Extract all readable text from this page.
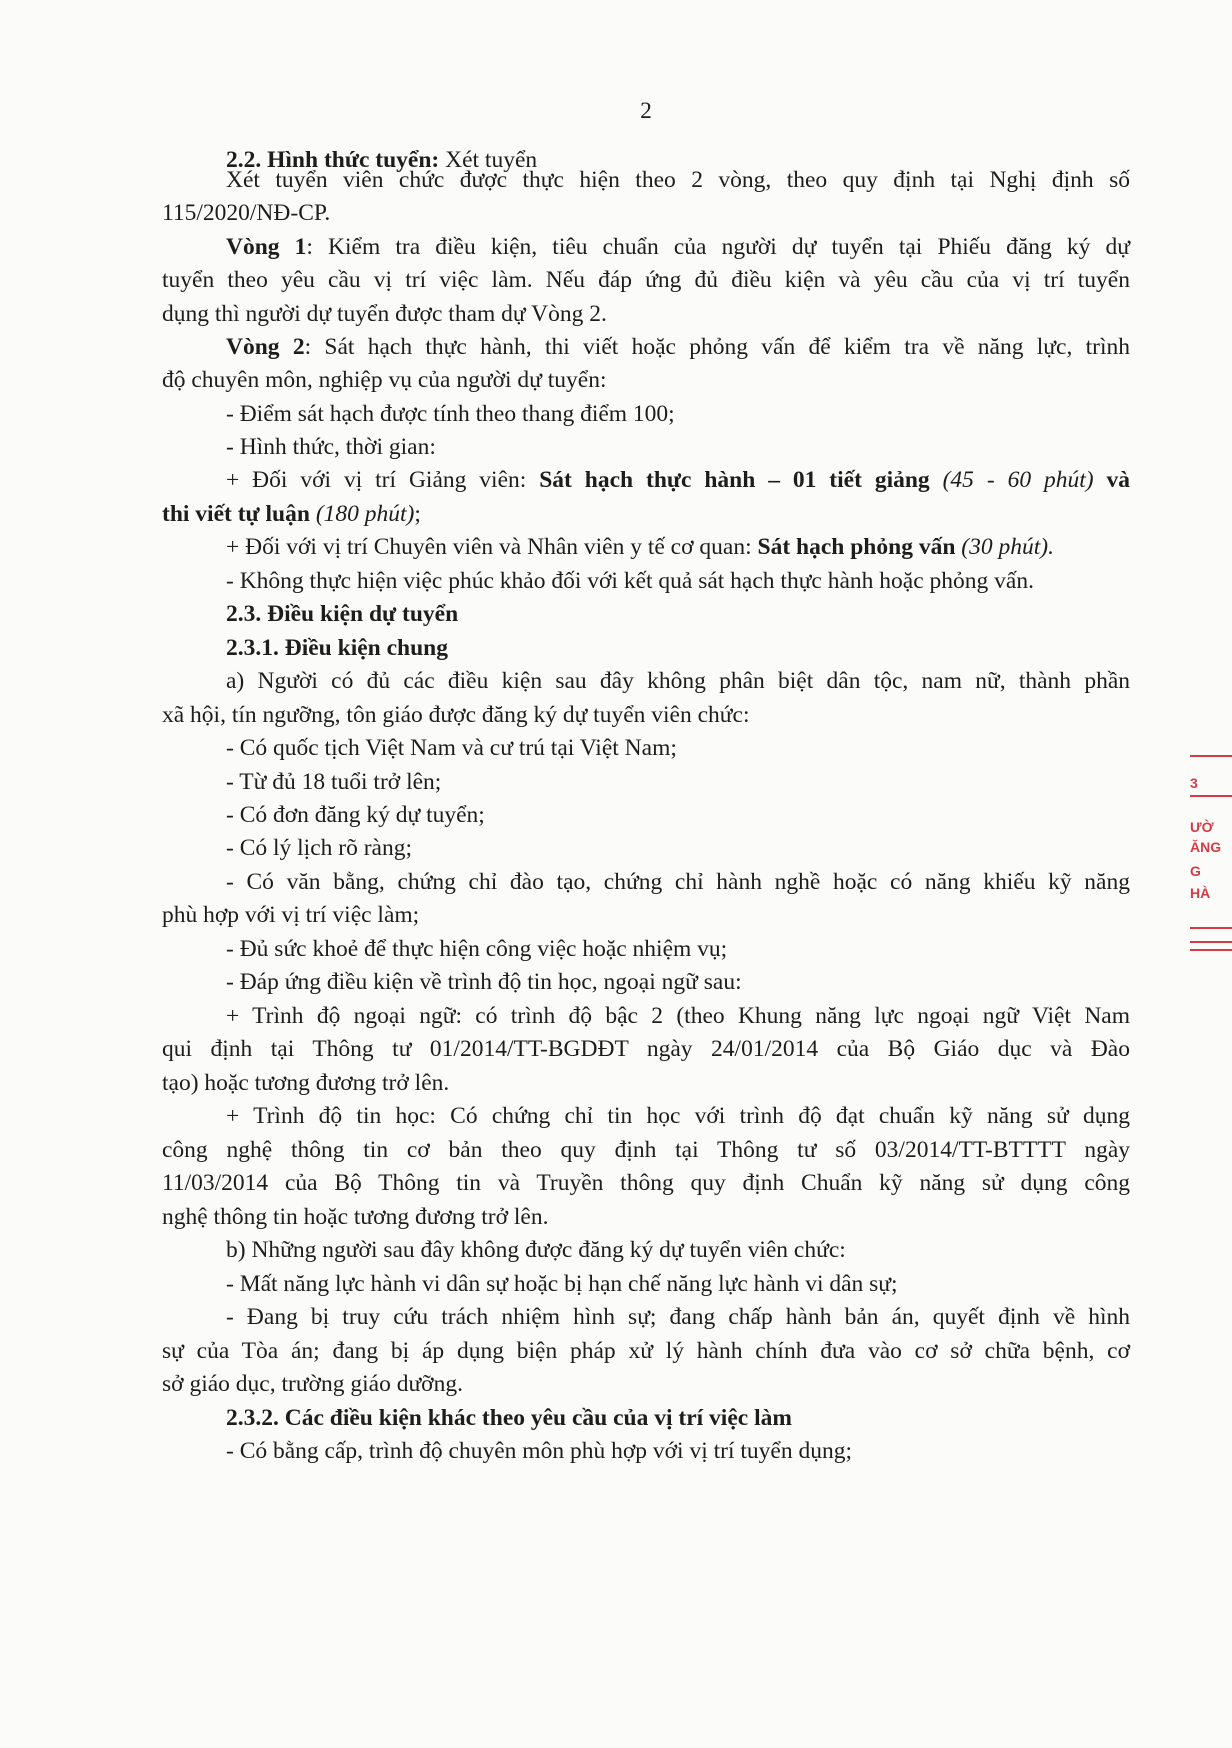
2
2.2. Hình thức tuyển: Xét tuyển
Xét tuyển viên chức được thực hiện theo 2 vòng, theo quy định tại Nghị định số
115/2020/NĐ-CP.
Vòng 1: Kiểm tra điều kiện, tiêu chuẩn của người dự tuyển tại Phiếu đăng ký dự
tuyển theo yêu cầu vị trí việc làm. Nếu đáp ứng đủ điều kiện và yêu cầu của vị trí tuyển
dụng thì người dự tuyển được tham dự Vòng 2.
Vòng 2: Sát hạch thực hành, thi viết hoặc phỏng vấn để kiểm tra về năng lực, trình
độ chuyên môn, nghiệp vụ của người dự tuyển:
- Điểm sát hạch được tính theo thang điểm 100;
- Hình thức, thời gian:
+ Đối với vị trí Giảng viên: Sát hạch thực hành – 01 tiết giảng (45 - 60 phút) và
thi viết tự luận (180 phút);
+ Đối với vị trí Chuyên viên và Nhân viên y tế cơ quan: Sát hạch phỏng vấn (30 phút).
- Không thực hiện việc phúc khảo đối với kết quả sát hạch thực hành hoặc phỏng vấn.
2.3. Điều kiện dự tuyển
2.3.1. Điều kiện chung
a) Người có đủ các điều kiện sau đây không phân biệt dân tộc, nam nữ, thành phần
xã hội, tín ngưỡng, tôn giáo được đăng ký dự tuyển viên chức:
- Có quốc tịch Việt Nam và cư trú tại Việt Nam;
- Từ đủ 18 tuổi trở lên;
- Có đơn đăng ký dự tuyển;
- Có lý lịch rõ ràng;
- Có văn bằng, chứng chỉ đào tạo, chứng chỉ hành nghề hoặc có năng khiếu kỹ năng
phù hợp với vị trí việc làm;
- Đủ sức khoẻ để thực hiện công việc hoặc nhiệm vụ;
- Đáp ứng điều kiện về trình độ tin học, ngoại ngữ sau:
+ Trình độ ngoại ngữ: có trình độ bậc 2 (theo Khung năng lực ngoại ngữ Việt Nam
qui định tại Thông tư 01/2014/TT-BGDĐT ngày 24/01/2014 của Bộ Giáo dục và Đào
tạo) hoặc tương đương trở lên.
+ Trình độ tin học: Có chứng chỉ tin học với trình độ đạt chuẩn kỹ năng sử dụng
công nghệ thông tin cơ bản theo quy định tại Thông tư số 03/2014/TT-BTTTT ngày
11/03/2014 của Bộ Thông tin và Truyền thông quy định Chuẩn kỹ năng sử dụng công
nghệ thông tin hoặc tương đương trở lên.
b) Những người sau đây không được đăng ký dự tuyển viên chức:
- Mất năng lực hành vi dân sự hoặc bị hạn chế năng lực hành vi dân sự;
- Đang bị truy cứu trách nhiệm hình sự; đang chấp hành bản án, quyết định về hình
sự của Tòa án; đang bị áp dụng biện pháp xử lý hành chính đưa vào cơ sở chữa bệnh, cơ
sở giáo dục, trường giáo dưỡng.
2.3.2. Các điều kiện khác theo yêu cầu của vị trí việc làm
- Có bằng cấp, trình độ chuyên môn phù hợp với vị trí tuyển dụng;
3
ƯỜ
ĂNG
G
HÀ
